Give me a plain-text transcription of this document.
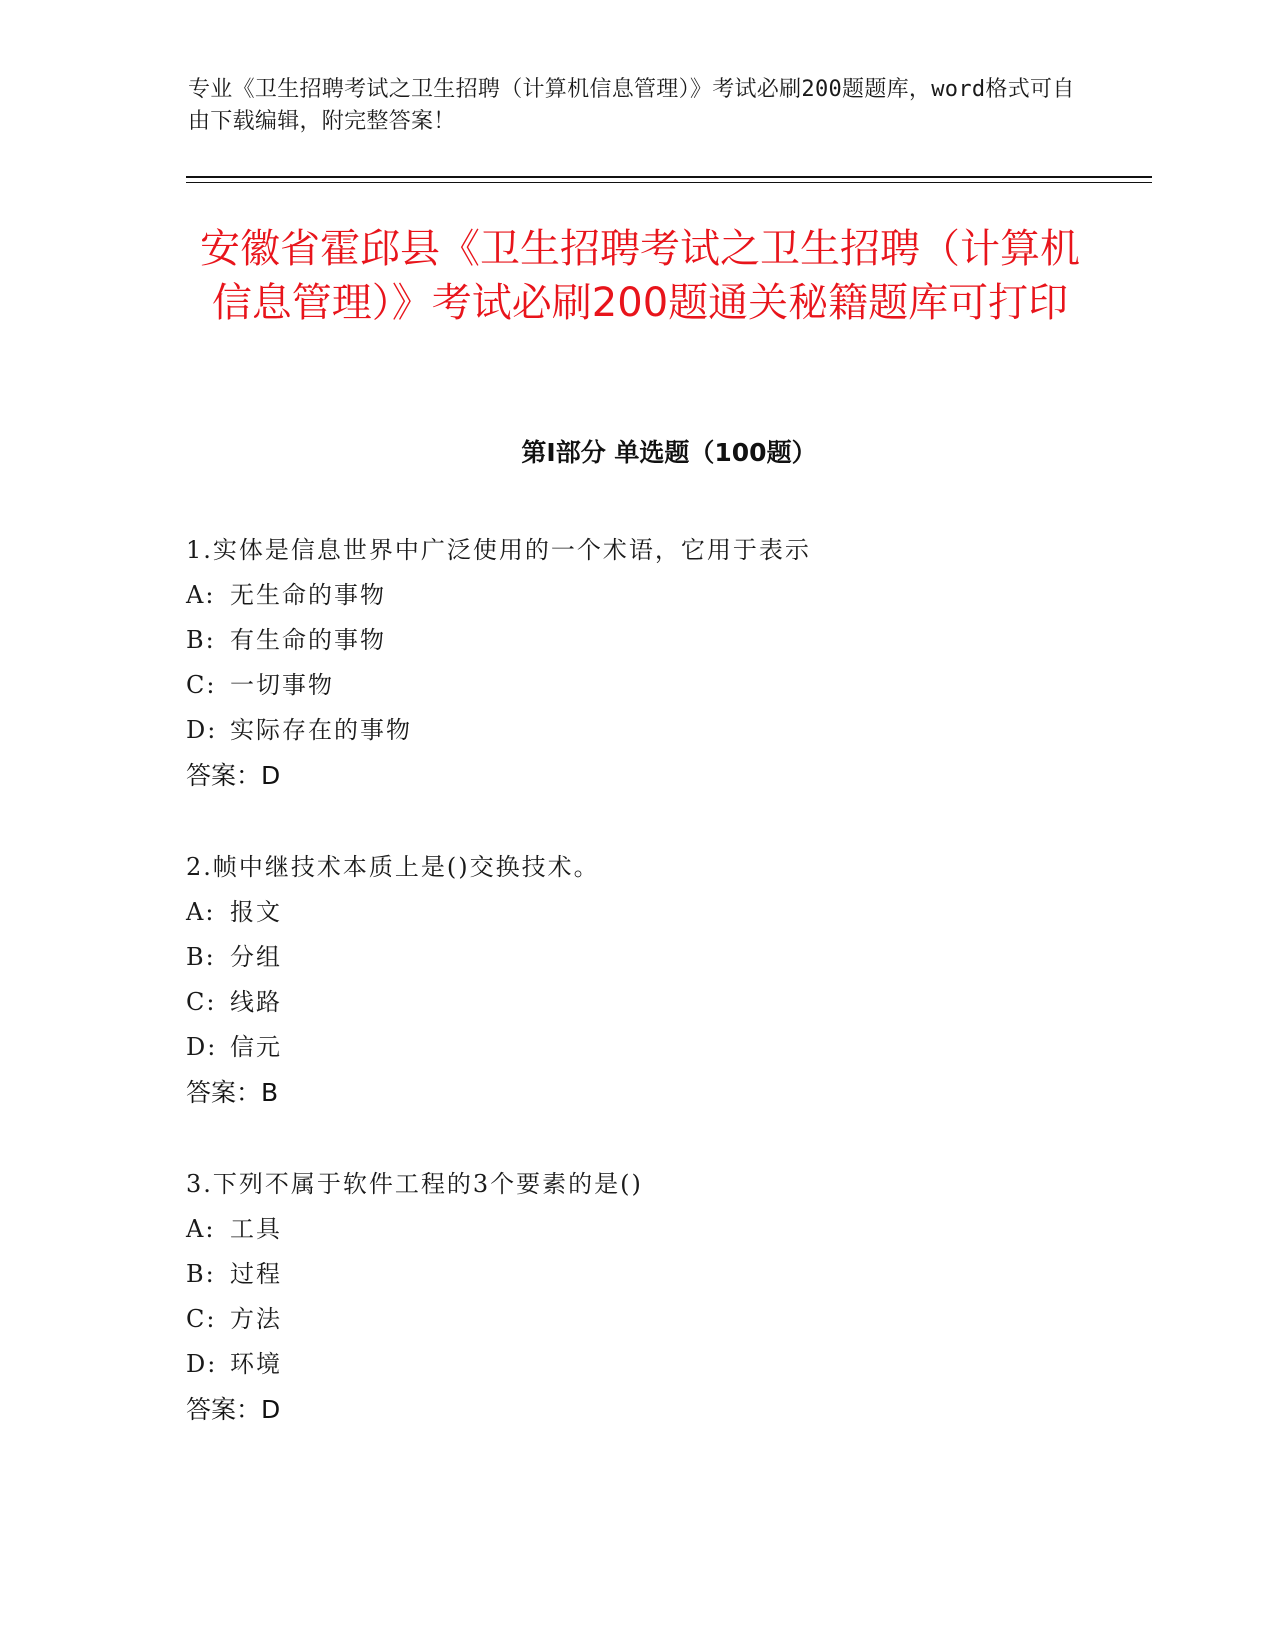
专业《卫生招聘考试之卫生招聘（计算机信息管理）》考试必刷200题题库，word格式可自由下载编辑，附完整答案！
安徽省霍邱县《卫生招聘考试之卫生招聘（计算机信息管理）》考试必刷200题通关秘籍题库可打印
第Ⅰ部分 单选题（100题）
1.实体是信息世界中广泛使用的一个术语，它用于表示
A: 无生命的事物
B: 有生命的事物
C: 一切事物
D: 实际存在的事物
答案：D
2.帧中继技术本质上是()交换技术。
A: 报文
B: 分组
C: 线路
D: 信元
答案：B
3.下列不属于软件工程的3个要素的是()
A: 工具
B: 过程
C: 方法
D: 环境
答案：D
